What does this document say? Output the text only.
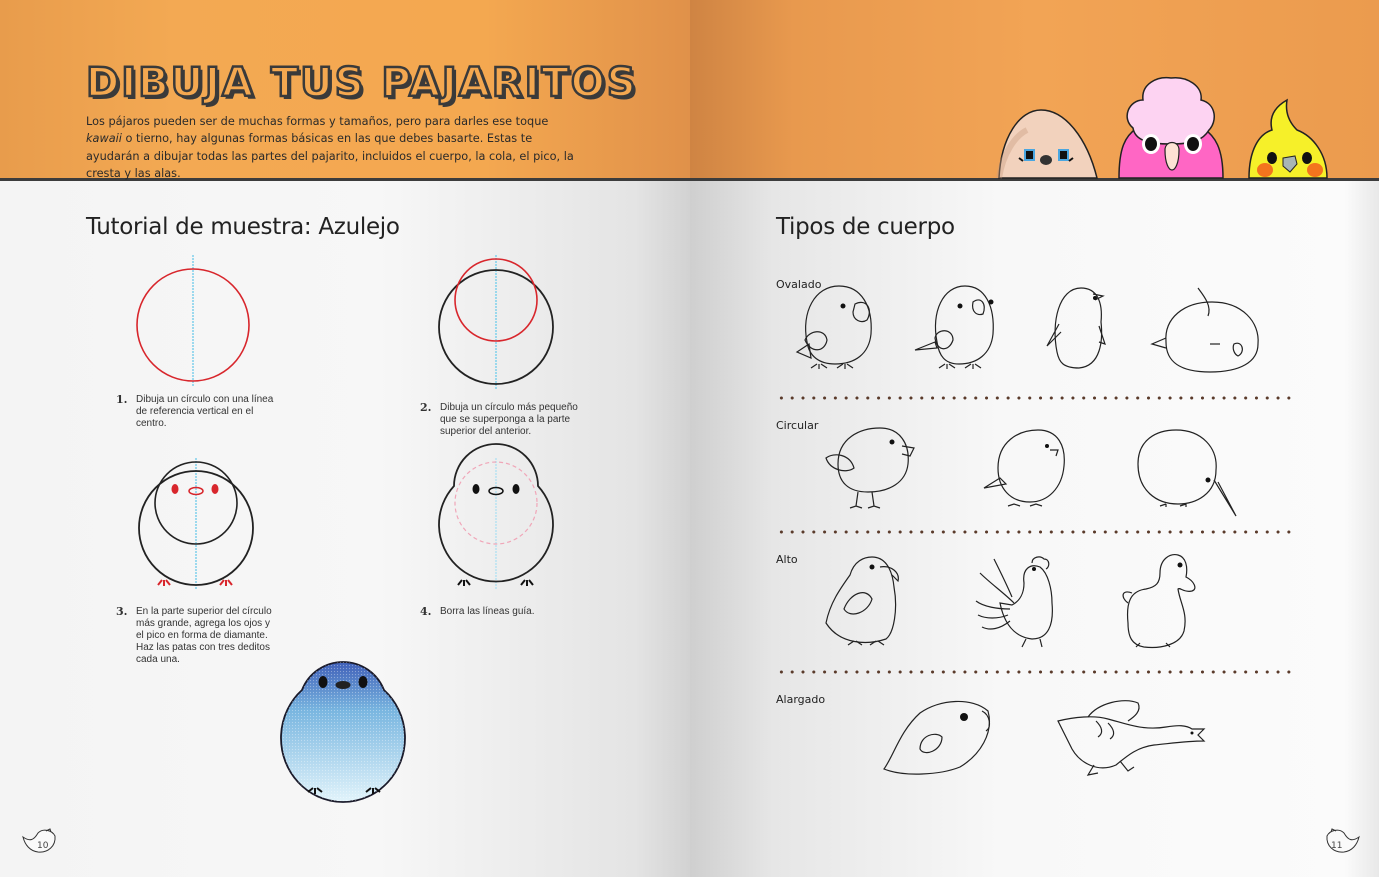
DIBUJA TUS PAJARITOS
Los pájaros pueden ser de muchas formas y tamaños, pero para darles ese toque kawaii o tierno, hay algunas formas básicas en las que debes basarte. Estas te ayudarán a dibujar todas las partes del pajarito, incluidos el cuerpo, la cola, el pico, la cresta y las alas.
Tutorial de muestra: Azulejo
1. Dibuja un círculo con una línea de referencia vertical en el centro.
2. Dibuja un círculo más pequeño que se superponga a la parte superior del anterior.
3. En la parte superior del círculo más grande, agrega los ojos y el pico en forma de diamante. Haz las patas con tres deditos cada una.
4. Borra las líneas guía.
10
Tipos de cuerpo
Ovalado
Circular
Alto
Alargado
11
